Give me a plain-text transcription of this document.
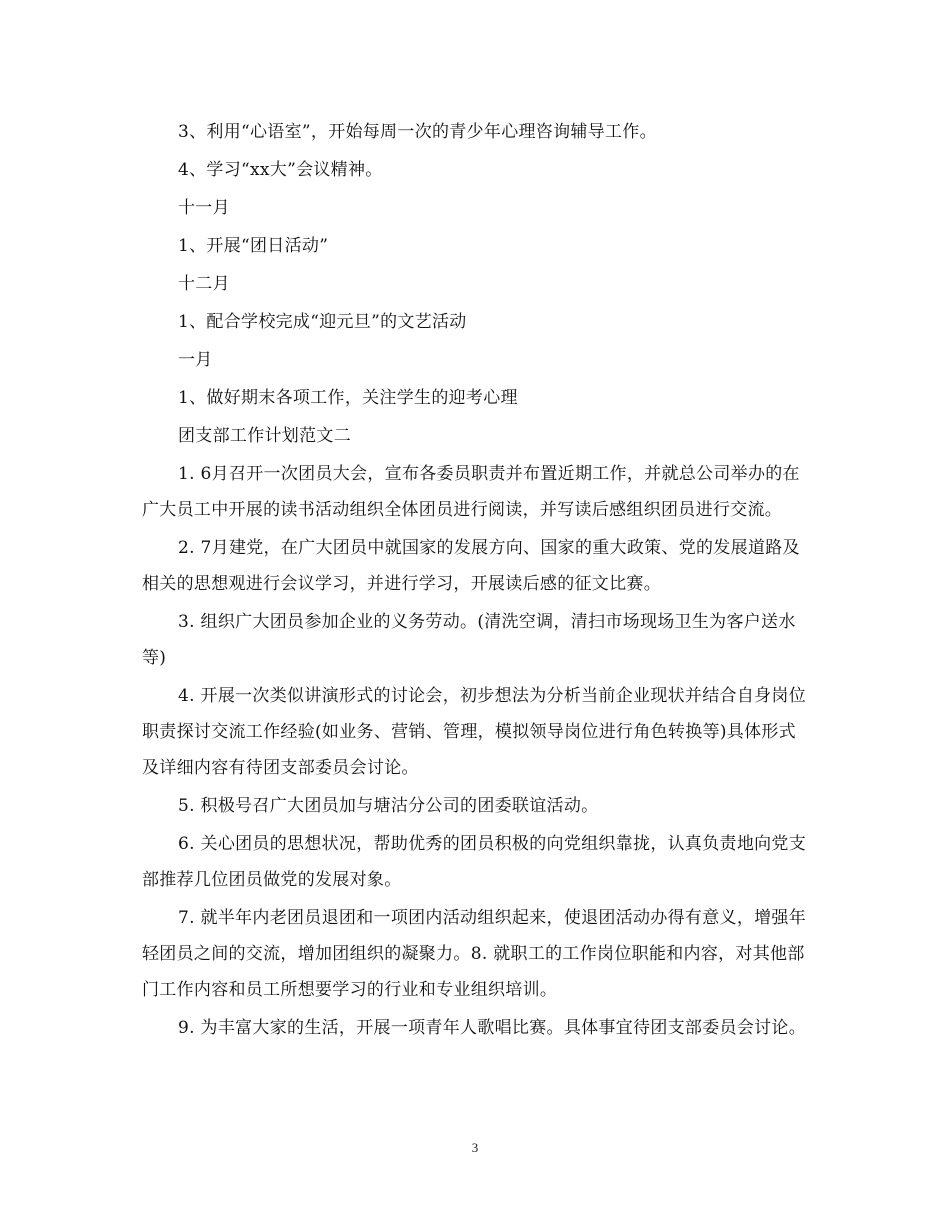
3、利用“心语室”，开始每周一次的青少年心理咨询辅导工作。

4、学习“xx大”会议精神。

十一月

1、开展“团日活动”

十二月

1、配合学校完成“迎元旦”的文艺活动

一月

1、做好期末各项工作，关注学生的迎考心理

团支部工作计划范文二

1. 6月召开一次团员大会，宣布各委员职责并布置近期工作，并就总公司举办的在广大员工中开展的读书活动组织全体团员进行阅读，并写读后感组织团员进行交流。

2. 7月建党，在广大团员中就国家的发展方向、国家的重大政策、党的发展道路及相关的思想观进行会议学习，并进行学习，开展读后感的征文比赛。

3. 组织广大团员参加企业的义务劳动。(清洗空调，清扫市场现场卫生为客户送水等)

4. 开展一次类似讲演形式的讨论会，初步想法为分析当前企业现状并结合自身岗位职责探讨交流工作经验(如业务、营销、管理，模拟领导岗位进行角色转换等)具体形式及详细内容有待团支部委员会讨论。

5. 积极号召广大团员加与塘沽分公司的团委联谊活动。

6. 关心团员的思想状况，帮助优秀的团员积极的向党组织靠拢，认真负责地向党支部推荐几位团员做党的发展对象。

7. 就半年内老团员退团和一项团内活动组织起来，使退团活动办得有意义，增强年轻团员之间的交流，增加团组织的凝聚力。8. 就职工的工作岗位职能和内容，对其他部门工作内容和员工所想要学习的行业和专业组织培训。

9. 为丰富大家的生活，开展一项青年人歌唱比赛。具体事宜待团支部委员会讨论。

3
